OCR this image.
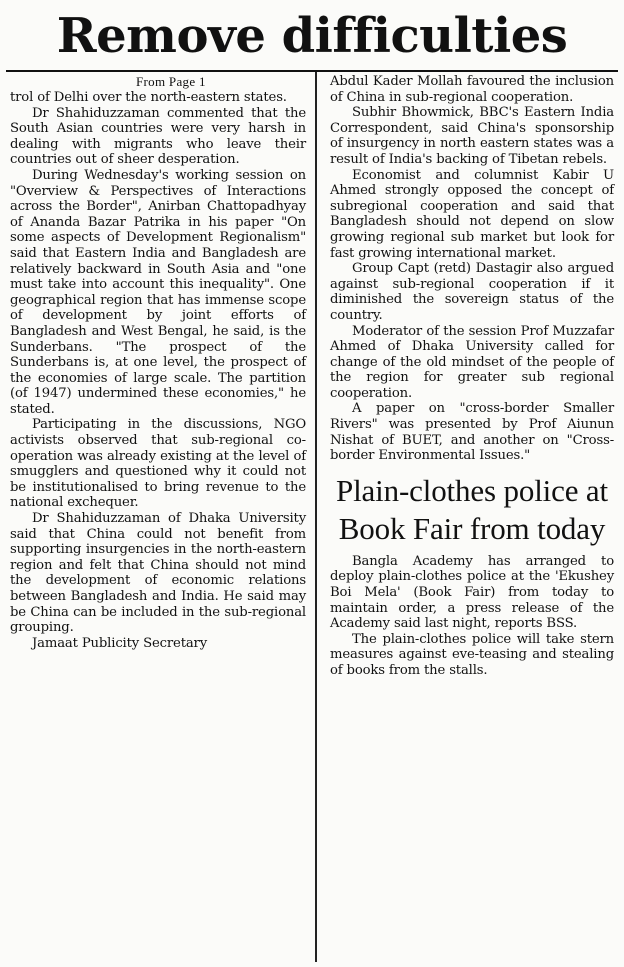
Remove difficulties

From Page 1

trol of Delhi over the north-eastern states.

Dr Shahiduzzaman commented that the South Asian countries were very harsh in dealing with migrants who leave their countries out of sheer desperation.

During Wednesday's working session on "Overview & Perspectives of Interactions across the Border", Anirban Chattopadhyay of Ananda Bazar Patrika in his paper "On some aspects of Development Regionalism" said that Eastern India and Bangladesh are relatively backward in South Asia and "one must take into account this inequality". One geographical region that has immense scope of development by joint efforts of Bangladesh and West Bengal, he said, is the Sunderbans. "The prospect of the Sunderbans is, at one level, the prospect of the economies of large scale. The partition (of 1947) undermined these economies," he stated.

Participating in the discussions, NGO activists observed that sub-regional co-operation was already existing at the level of smugglers and questioned why it could not be institutionalised to bring revenue to the national exchequer.

Dr Shahiduzzaman of Dhaka University said that China could not benefit from supporting insurgencies in the north-eastern region and felt that China should not mind the development of economic relations between Bangladesh and India. He said may be China can be included in the sub-regional grouping.

Jamaat Publicity Secretary

Abdul Kader Mollah favoured the inclusion of China in sub-regional cooperation.

Subhir Bhowmick, BBC's Eastern India Correspondent, said China's sponsorship of insurgency in north eastern states was a result of India's backing of Tibetan rebels.

Economist and columnist Kabir U Ahmed strongly opposed the concept of subregional cooperation and said that Bangladesh should not depend on slow growing regional sub market but look for fast growing international market.

Group Capt (retd) Dastagir also argued against sub-regional cooperation if it diminished the sovereign status of the country.

Moderator of the session Prof Muzzafar Ahmed of Dhaka University called for change of the old mindset of the people of the region for greater sub regional cooperation.

A paper on "cross-border Smaller Rivers" was presented by Prof Aiunun Nishat of BUET, and another on "Cross-border Environmental Issues."

Plain-clothes police at Book Fair from today

Bangla Academy has arranged to deploy plain-clothes police at the 'Ekushey Boi Mela' (Book Fair) from today to maintain order, a press release of the Academy said last night, reports BSS.

The plain-clothes police will take stern measures against eve-teasing and stealing of books from the stalls.
